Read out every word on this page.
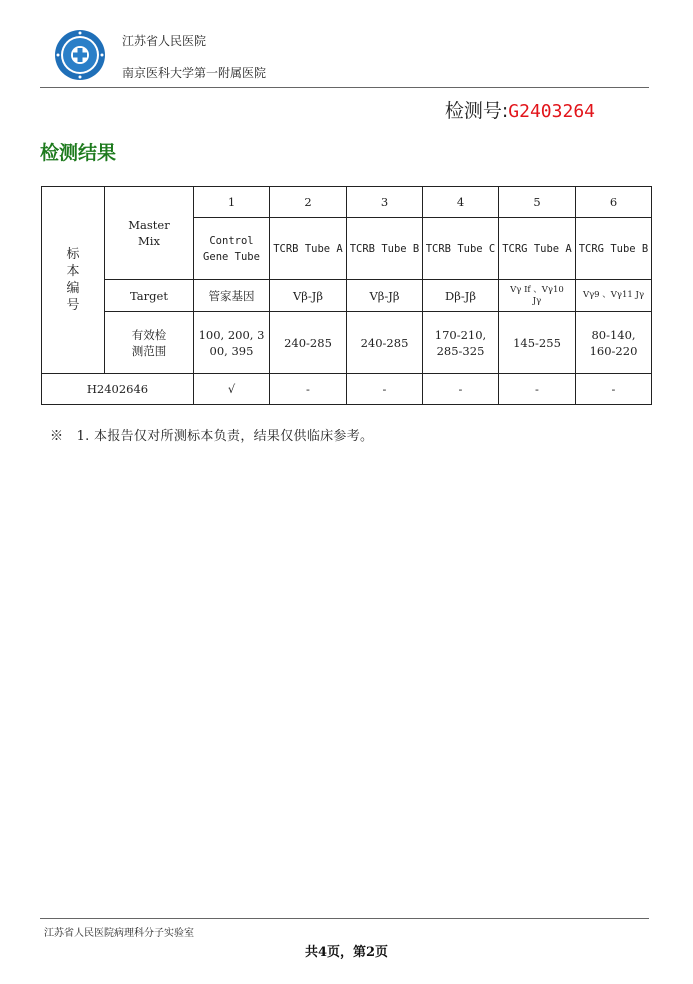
江苏省人民医院
南京医科大学第一附属医院
检测号:G2403264
检测结果
标本编号	Master Mix	1	2	3	4	5	6
		Control Gene Tube	TCRB Tube A	TCRB Tube B	TCRB Tube C	TCRG Tube A	TCRG Tube B
	Target	管家基因	Vβ-Jβ	Vβ-Jβ	Dβ-Jβ	Vγ If 、Vγ10 Jγ	Vγ9 、Vγ11 Jγ
	有效检测范围	100, 200, 300, 395	240-285	240-285	170-210, 285-325	145-255	80-140, 160-220
H2402646		√	-	-	-	-	-
※   1. 本报告仅对所测标本负责，结果仅供临床参考。
江苏省人民医院病理科分子实验室
共4页，第2页
